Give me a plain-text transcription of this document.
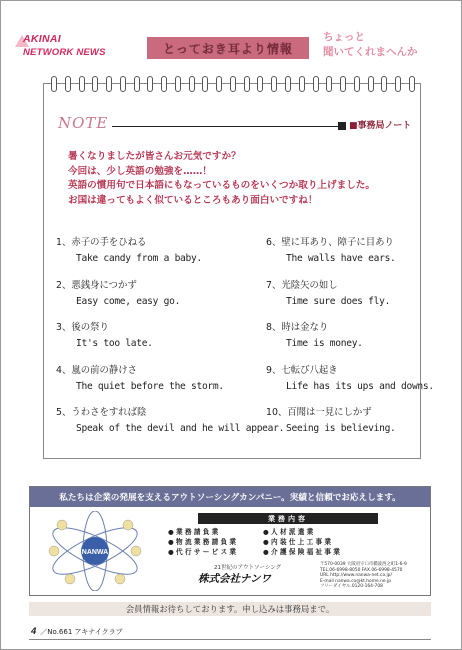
AKINAI
NETWORK NEWS	とっておき耳より情報
ちょっと
聞いてくれまへんか
NOTE	■事務局ノート

暑くなりましたが皆さんお元気ですか？

今回は、少し英語の勉強を……！

英語の慣用句で日本語にもなっているものをいくつか取り上げました。

お国は違ってもよく似ているところもあり面白いですね！

1、赤子の手をひねる
Take candy from a baby.
2、悪銭身につかず
Easy come, easy go.
3、後の祭り
It's too late.
4、嵐の前の静けさ
The quiet before the storm.
5、うわさをすれば陰
Speak of the devil and he will appear.
6、壁に耳あり、障子に目あり
The walls have ears.
7、光陰矢の如し
Time sure does fly.
8、時は金なり
Time is money.
9、七転び八起き
Life has its ups and downs.
10、百聞は一見にしかず
Seeing is believing.
私たちは企業の発展を支えるアウトソーシングカンパニー。実績と信頼でお応えします。
NANWA
業務内容
● 業 務 請 負 業	● 人 材 派 遣 業
● 物 流 業 務 請 負 業	● 内 装 仕 上 工 事 業
● 代 行 サ ー ビ ス 業	● 介 護 保 険 福 祉 事 業
21世紀のアウトソーシング
株式会社ナンワ
〒570-0039 大阪府守口市橋波西之町1-6-9
TEL.06-6998-8050 FAX.06-6998-4570
URL http://www.nanwa-net.co.jp/
E-mail nanwa.co@kt.home.ne.jp
フリーダイヤル.0120-164-708
会員情報お待ちしております。申し込みは事務局まで。
4 ／No.661 アキナイクラブ
